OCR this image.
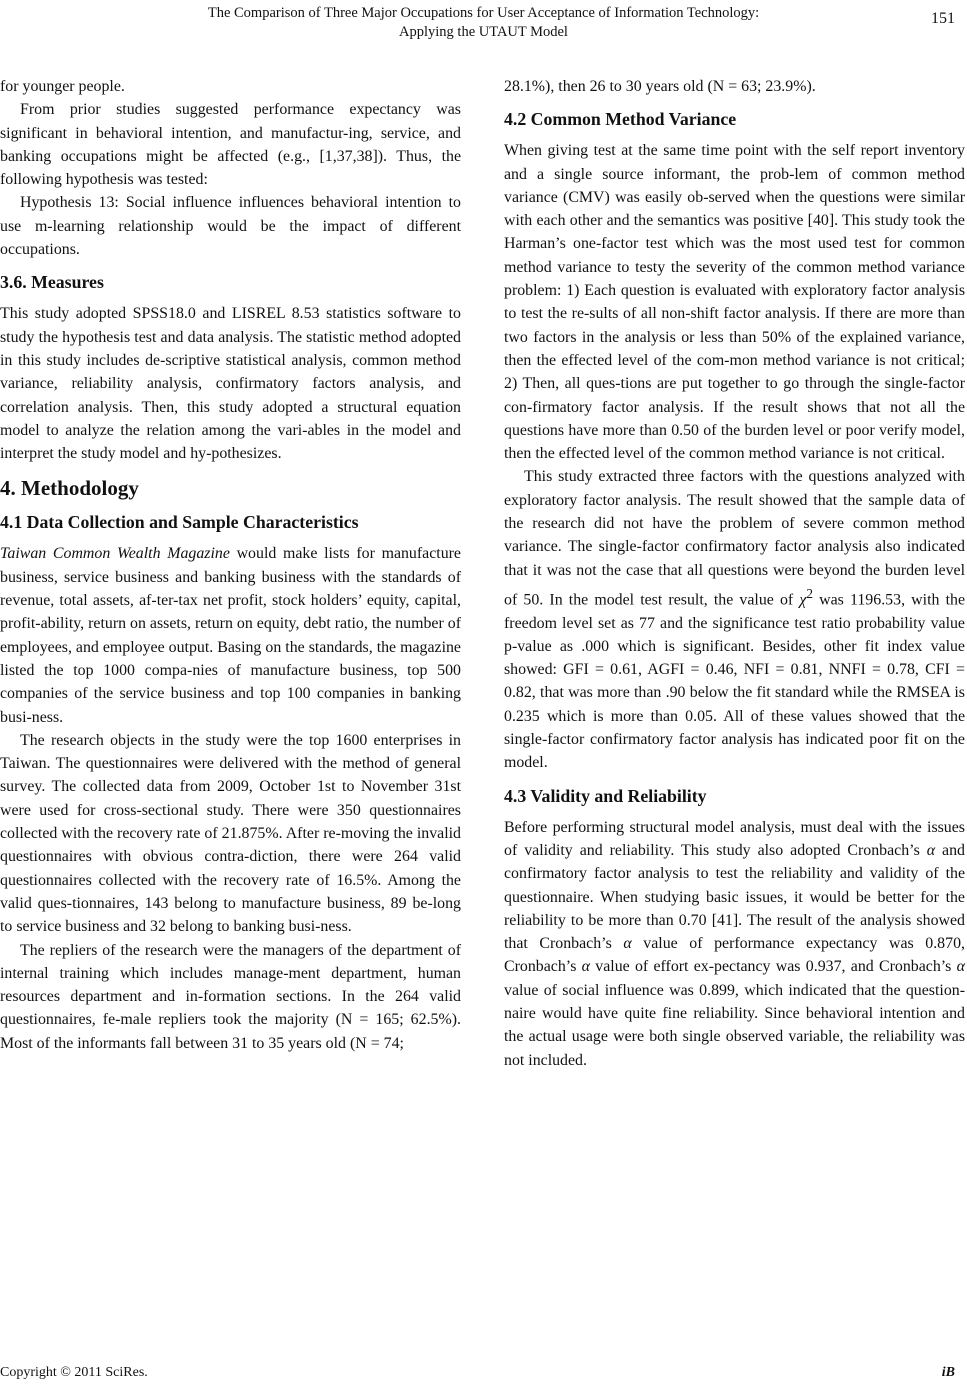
The Comparison of Three Major Occupations for User Acceptance of Information Technology:
Applying the UTAUT Model
151

for younger people.

From prior studies suggested performance expectancy was significant in behavioral intention, and manufactur-ing, service, and banking occupations might be affected (e.g., [1,37,38]). Thus, the following hypothesis was tested:

Hypothesis 13: Social influence influences behavioral intention to use m-learning relationship would be the impact of different occupations.

3.6. Measures

This study adopted SPSS18.0 and LISREL 8.53 statistics software to study the hypothesis test and data analysis. The statistic method adopted in this study includes de-scriptive statistical analysis, common method variance, reliability analysis, confirmatory factors analysis, and correlation analysis. Then, this study adopted a structural equation model to analyze the relation among the vari-ables in the model and interpret the study model and hy-pothesizes.

4. Methodology
4.1 Data Collection and Sample Characteristics

Taiwan Common Wealth Magazine would make lists for manufacture business, service business and banking business with the standards of revenue, total assets, af-ter-tax net profit, stock holders’ equity, capital, profit-ability, return on assets, return on equity, debt ratio, the number of employees, and employee output. Basing on the standards, the magazine listed the top 1000 compa-nies of manufacture business, top 500 companies of the service business and top 100 companies in banking busi-ness.

The research objects in the study were the top 1600 enterprises in Taiwan. The questionnaires were delivered with the method of general survey. The collected data from 2009, October 1st to November 31st were used for cross-sectional study. There were 350 questionnaires collected with the recovery rate of 21.875%. After re-moving the invalid questionnaires with obvious contra-diction, there were 264 valid questionnaires collected with the recovery rate of 16.5%. Among the valid ques-tionnaires, 143 belong to manufacture business, 89 be-long to service business and 32 belong to banking busi-ness.

The repliers of the research were the managers of the department of internal training which includes manage-ment department, human resources department and in-formation sections. In the 264 valid questionnaires, fe-male repliers took the majority (N = 165; 62.5%). Most of the informants fall between 31 to 35 years old (N = 74;

28.1%), then 26 to 30 years old (N = 63; 23.9%).

4.2 Common Method Variance

When giving test at the same time point with the self report inventory and a single source informant, the prob-lem of common method variance (CMV) was easily ob-served when the questions were similar with each other and the semantics was positive [40]. This study took the Harman’s one-factor test which was the most used test for common method variance to testy the severity of the common method variance problem: 1) Each question is evaluated with exploratory factor analysis to test the re-sults of all non-shift factor analysis. If there are more than two factors in the analysis or less than 50% of the explained variance, then the effected level of the com-mon method variance is not critical; 2) Then, all ques-tions are put together to go through the single-factor con-firmatory factor analysis. If the result shows that not all the questions have more than 0.50 of the burden level or poor verify model, then the effected level of the common method variance is not critical.

This study extracted three factors with the questions analyzed with exploratory factor analysis. The result showed that the sample data of the research did not have the problem of severe common method variance. The single-factor confirmatory factor analysis also indicated that it was not the case that all questions were beyond the burden level of 50. In the model test result, the value of $\chi^2$ was 1196.53, with the freedom level set as 77 and the significance test ratio probability value p-value as .000 which is significant. Besides, other fit index value showed: GFI = 0.61, AGFI = 0.46, NFI = 0.81, NNFI = 0.78, CFI = 0.82, that was more than .90 below the fit standard while the RMSEA is 0.235 which is more than 0.05. All of these values showed that the single-factor confirmatory factor analysis has indicated poor fit on the model.

4.3 Validity and Reliability

Before performing structural model analysis, must deal with the issues of validity and reliability. This study also adopted Cronbach’s α and confirmatory factor analysis to test the reliability and validity of the questionnaire. When studying basic issues, it would be better for the reliability to be more than 0.70 [41]. The result of the analysis showed that Cronbach’s α value of performance expectancy was 0.870, Cronbach’s α value of effort ex-pectancy was 0.937, and Cronbach’s α value of social influence was 0.899, which indicated that the question-naire would have quite fine reliability. Since behavioral intention and the actual usage were both single observed variable, the reliability was not included.

Copyright © 2011 SciRes.	iB
